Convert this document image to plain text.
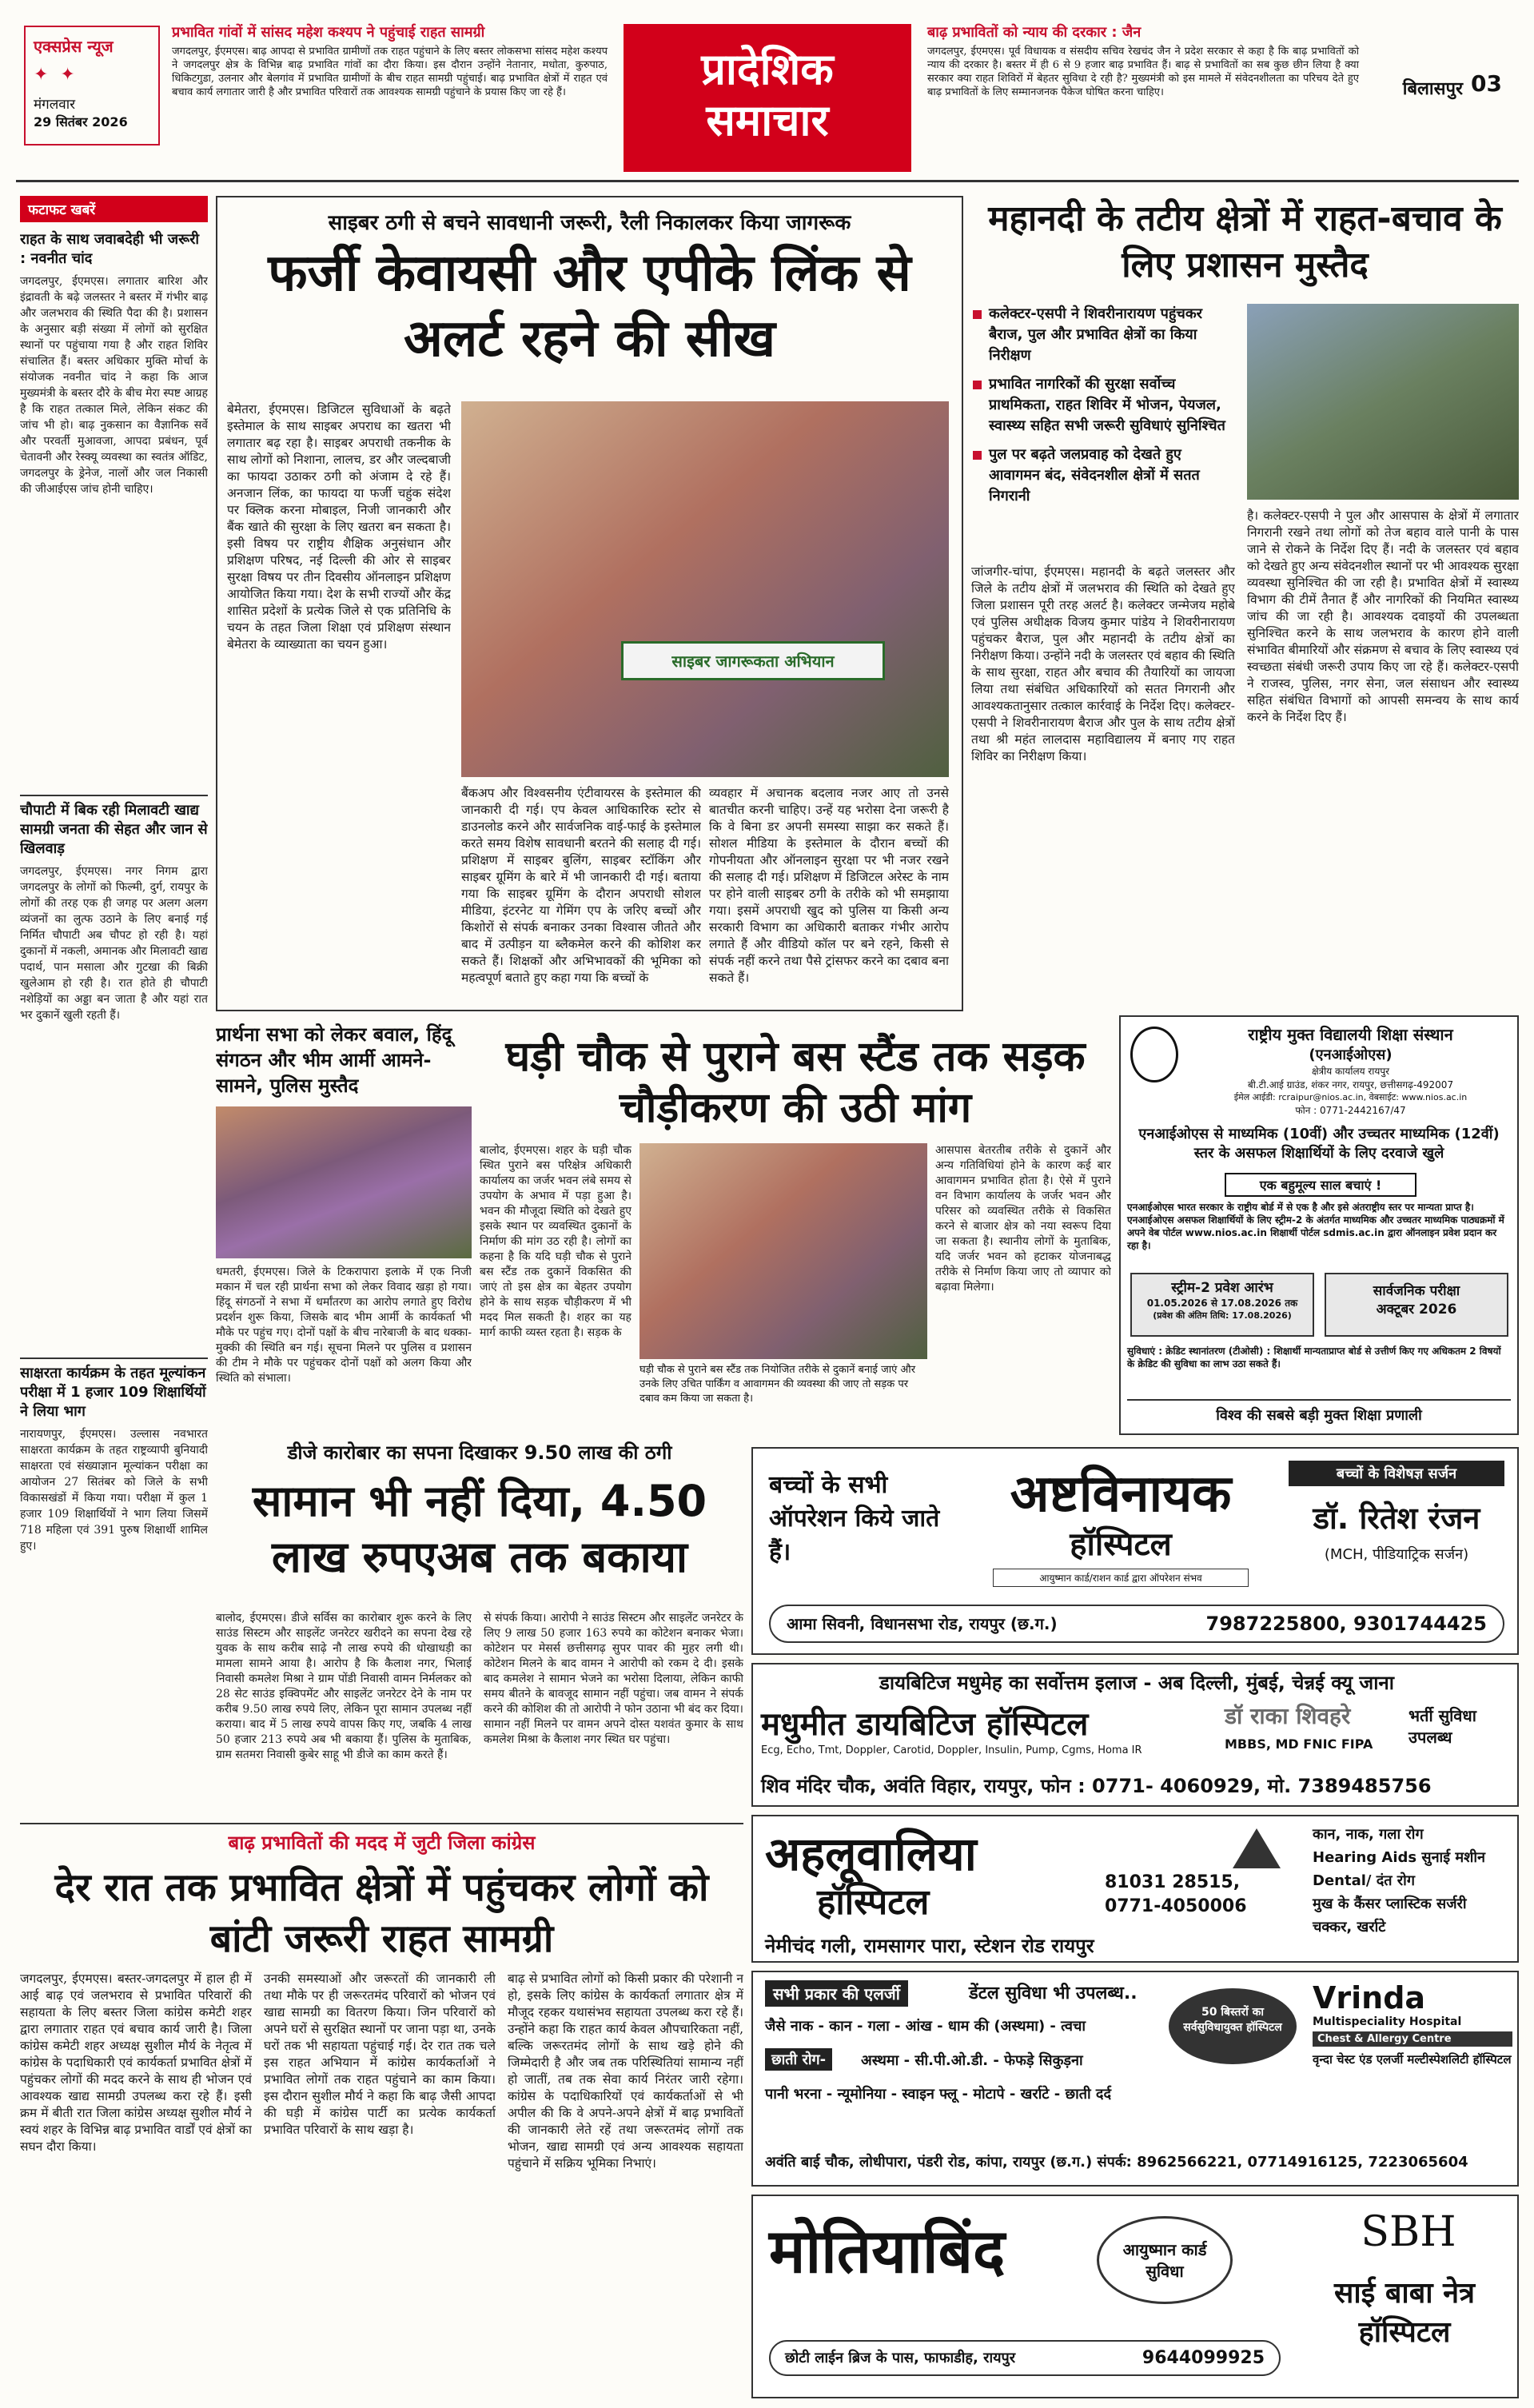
एक्सप्रेस न्यूज
✦ ✦
मंगलवार
29 सितंबर 2026
प्रभावित गांवों में सांसद महेश कश्यप ने पहुंचाई राहत सामग्री
जगदलपुर, ईएमएस। बाढ़ आपदा से प्रभावित ग्रामीणों तक राहत पहुंचाने के लिए बस्तर लोकसभा सांसद महेश कश्यप ने जगदलपुर क्षेत्र के विभिन्न बाढ़ प्रभावित गांवों का दौरा किया। इस दौरान उन्होंने नेतानार, मधोता, कुरुपाठ, धिकिटगुडा, उलनार और बेलगांव में प्रभावित ग्रामीणों के बीच राहत सामग्री पहुंचाई। बाढ़ प्रभावित क्षेत्रों में राहत एवं बचाव कार्य लगातार जारी है और प्रभावित परिवारों तक आवश्यक सामग्री पहुंचाने के प्रयास किए जा रहे हैं।	प्रादेशिक
समाचार
बाढ़ प्रभावितों को न्याय की दरकार : जैन
जगदलपुर, ईएमएस। पूर्व विधायक व संसदीय सचिव रेखचंद जैन ने प्रदेश सरकार से कहा है कि बाढ़ प्रभावितों को न्याय की दरकार है। बस्तर में ही 6 से 9 हजार बाढ़ प्रभावित हैं। बाढ़ से प्रभावितों का सब कुछ छीन लिया है क्या सरकार क्या राहत शिविरों में बेहतर सुविधा दे रही है? मुख्यमंत्री को इस मामले में संवेदनशीलता का परिचय देते हुए बाढ़ प्रभावितों के लिए सम्मानजनक पैकेज घोषित करना चाहिए।	बिलासपुर 03
फटाफट खबरें
राहत के साथ जवाबदेही भी जरूरी : नवनीत चांद
जगदलपुर, ईएमएस। लगातार बारिश और इंद्रावती के बढ़े जलस्तर ने बस्तर में गंभीर बाढ़ और जलभराव की स्थिति पैदा की है। प्रशासन के अनुसार बड़ी संख्या में लोगों को सुरक्षित स्थानों पर पहुंचाया गया है और राहत शिविर संचालित हैं। बस्तर अधिकार मुक्ति मोर्चा के संयोजक नवनीत चांद ने कहा कि आज मुख्यमंत्री के बस्तर दौरे के बीच मेरा स्पष्ट आग्रह है कि राहत तत्काल मिले, लेकिन संकट की जांच भी हो। बाढ़ नुकसान का वैज्ञानिक सर्वे और परवर्ती मुआवजा, आपदा प्रबंधन, पूर्व चेतावनी और रेस्क्यू व्यवस्था का स्वतंत्र ऑडिट, जगदलपुर के ड्रेनेज, नालों और जल निकासी की जीआईएस जांच होनी चाहिए।
चौपाटी में बिक रही मिलावटी खाद्य सामग्री जनता की सेहत और जान से खिलवाड़
जगदलपुर, ईएमएस। नगर निगम द्वारा जगदलपुर के लोगों को फिल्मी, दुर्ग, रायपुर के लोगों की तरह एक ही जगह पर अलग अलग व्यंजनों का लुत्फ उठाने के लिए बनाई गई निर्मित चौपाटी अब चौपट हो रही है। यहां दुकानों में नकली, अमानक और मिलावटी खाद्य पदार्थ, पान मसाला और गुटखा की बिक्री खुलेआम हो रही है। रात होते ही चौपाटी नशेड़ियों का अड्डा बन जाता है और यहां रात भर दुकानें खुली रहती हैं।
साक्षरता कार्यक्रम के तहत मूल्यांकन परीक्षा में 1 हजार 109 शिक्षार्थियों ने लिया भाग
नारायणपुर, ईएमएस। उल्लास नवभारत साक्षरता कार्यक्रम के तहत राष्ट्रव्यापी बुनियादी साक्षरता एवं संख्याज्ञान मूल्यांकन परीक्षा का आयोजन 27 सितंबर को जिले के सभी विकासखंडों में किया गया। परीक्षा में कुल 1 हजार 109 शिक्षार्थियों ने भाग लिया जिसमें 718 महिला एवं 391 पुरुष शिक्षार्थी शामिल हुए।
साइबर ठगी से बचने सावधानी जरूरी, रैली निकालकर किया जागरूक
फर्जी केवायसी और एपीके लिंक से अलर्ट रहने की सीख
बेमेतरा, ईएमएस। डिजिटल सुविधाओं के बढ़ते इस्तेमाल के साथ साइबर अपराध का खतरा भी लगातार बढ़ रहा है। साइबर अपराधी तकनीक के साथ लोगों को निशाना, लालच, डर और जल्दबाजी का फायदा उठाकर ठगी को अंजाम दे रहे हैं। अनजान लिंक, का फायदा या फर्जी चहुंक संदेश पर क्लिक करना मोबाइल, निजी जानकारी और बैंक खाते की सुरक्षा के लिए खतरा बन सकता है। इसी विषय पर राष्ट्रीय शैक्षिक अनुसंधान और प्रशिक्षण परिषद, नई दिल्ली की ओर से साइबर सुरक्षा विषय पर तीन दिवसीय ऑनलाइन प्रशिक्षण आयोजित किया गया। देश के सभी राज्यों और केंद्र शासित प्रदेशों के प्रत्येक जिले से एक प्रतिनिधि के चयन के तहत जिला शिक्षा एवं प्रशिक्षण संस्थान बेमेतरा के व्याख्याता का चयन हुआ।
साइबर जागरूकता अभियान
बैंकअप और विश्वसनीय एंटीवायरस के इस्तेमाल की जानकारी दी गई। एप केवल आधिकारिक स्टोर से डाउनलोड करने और सार्वजनिक वाई-फाई के इस्तेमाल करते समय विशेष सावधानी बरतने की सलाह दी गई। प्रशिक्षण में साइबर बुलिंग, साइबर स्टॉकिंग और साइबर ग्रूमिंग के बारे में भी जानकारी दी गई। बताया गया कि साइबर ग्रूमिंग के दौरान अपराधी सोशल मीडिया, इंटरनेट या गेमिंग एप के जरिए बच्चों और किशोरों से संपर्क बनाकर उनका विश्वास जीतते और बाद में उत्पीड़न या ब्लैकमेल करने की कोशिश कर सकते हैं। शिक्षकों और अभिभावकों की भूमिका को महत्वपूर्ण बताते हुए कहा गया कि बच्चों के
व्यवहार में अचानक बदलाव नजर आए तो उनसे बातचीत करनी चाहिए। उन्हें यह भरोसा देना जरूरी है कि वे बिना डर अपनी समस्या साझा कर सकते हैं। सोशल मीडिया के इस्तेमाल के दौरान बच्चों की गोपनीयता और ऑनलाइन सुरक्षा पर भी नजर रखने की सलाह दी गई। प्रशिक्षण में डिजिटल अरेस्ट के नाम पर होने वाली साइबर ठगी के तरीके को भी समझाया गया। इसमें अपराधी खुद को पुलिस या किसी अन्य सरकारी विभाग का अधिकारी बताकर गंभीर आरोप लगाते हैं और वीडियो कॉल पर बने रहने, किसी से संपर्क नहीं करने तथा पैसे ट्रांसफर करने का दबाव बना सकते हैं।
महानदी के तटीय क्षेत्रों में राहत-बचाव के लिए प्रशासन मुस्तैद
कलेक्टर-एसपी ने शिवरीनारायण पहुंचकर बैराज, पुल और प्रभावित क्षेत्रों का किया निरीक्षण
प्रभावित नागरिकों की सुरक्षा सर्वोच्च प्राथमिकता, राहत शिविर में भोजन, पेयजल, स्वास्थ्य सहित सभी जरूरी सुविधाएं सुनिश्चित
पुल पर बढ़ते जलप्रवाह को देखते हुए आवागमन बंद, संवेदनशील क्षेत्रों में सतत निगरानी
जांजगीर-चांपा, ईएमएस। महानदी के बढ़ते जलस्तर और जिले के तटीय क्षेत्रों में जलभराव की स्थिति को देखते हुए जिला प्रशासन पूरी तरह अलर्ट है। कलेक्टर जन्मेजय महोबे एवं पुलिस अधीक्षक विजय कुमार पांडेय ने शिवरीनारायण पहुंचकर बैराज, पुल और महानदी के तटीय क्षेत्रों का निरीक्षण किया। उन्होंने नदी के जलस्तर एवं बहाव की स्थिति के साथ सुरक्षा, राहत और बचाव की तैयारियों का जायजा लिया तथा संबंधित अधिकारियों को सतत निगरानी और आवश्यकतानुसार तत्काल कार्रवाई के निर्देश दिए। कलेक्टर-एसपी ने शिवरीनारायण बैराज और पुल के साथ तटीय क्षेत्रों तथा श्री महंत लालदास महाविद्यालय में बनाए गए राहत शिविर का निरीक्षण किया।
है। कलेक्टर-एसपी ने पुल और आसपास के क्षेत्रों में लगातार निगरानी रखने तथा लोगों को तेज बहाव वाले पानी के पास जाने से रोकने के निर्देश दिए हैं। नदी के जलस्तर एवं बहाव को देखते हुए अन्य संवेदनशील स्थानों पर भी आवश्यक सुरक्षा व्यवस्था सुनिश्चित की जा रही है। प्रभावित क्षेत्रों में स्वास्थ्य विभाग की टीमें तैनात हैं और नागरिकों की नियमित स्वास्थ्य जांच की जा रही है। आवश्यक दवाइयों की उपलब्धता सुनिश्चित करने के साथ जलभराव के कारण होने वाली संभावित बीमारियों और संक्रमण से बचाव के लिए स्वास्थ्य एवं स्वच्छता संबंधी जरूरी उपाय किए जा रहे हैं। कलेक्टर-एसपी ने राजस्व, पुलिस, नगर सेना, जल संसाधन और स्वास्थ्य सहित संबंधित विभागों को आपसी समन्वय के साथ कार्य करने के निर्देश दिए हैं।
प्रार्थना सभा को लेकर बवाल, हिंदू संगठन और भीम आर्मी आमने-सामने, पुलिस मुस्तैद
धमतरी, ईएमएस। जिले के टिकरापारा इलाके में एक निजी मकान में चल रही प्रार्थना सभा को लेकर विवाद खड़ा हो गया। हिंदू संगठनों ने सभा में धर्मांतरण का आरोप लगाते हुए विरोध प्रदर्शन शुरू किया, जिसके बाद भीम आर्मी के कार्यकर्ता भी मौके पर पहुंच गए। दोनों पक्षों के बीच नारेबाजी के बाद धक्का-मुक्की की स्थिति बन गई। सूचना मिलने पर पुलिस व प्रशासन की टीम ने मौके पर पहुंचकर दोनों पक्षों को अलग किया और स्थिति को संभाला।
घड़ी चौक से पुराने बस स्टैंड तक सड़क चौड़ीकरण की उठी मांग
बालोद, ईएमएस। शहर के घड़ी चौक स्थित पुराने बस परिक्षेत्र अधिकारी कार्यालय का जर्जर भवन लंबे समय से उपयोग के अभाव में पड़ा हुआ है। भवन की मौजूदा स्थिति को देखते हुए इसके स्थान पर व्यवस्थित दुकानों के निर्माण की मांग उठ रही है। लोगों का कहना है कि यदि घड़ी चौक से पुराने बस स्टैंड तक दुकानें विकसित की जाएं तो इस क्षेत्र का बेहतर उपयोग होने के साथ सड़क चौड़ीकरण में भी मदद मिल सकती है। शहर का यह मार्ग काफी व्यस्त रहता है। सड़क के
घड़ी चौक से पुराने बस स्टैंड तक नियोजित तरीके से दुकानें बनाई जाएं और उनके लिए उचित पार्किंग व आवागमन की व्यवस्था की जाए तो सड़क पर दबाव कम किया जा सकता है।
आसपास बेतरतीब तरीके से दुकानें और अन्य गतिविधियां होने के कारण कई बार आवागमन प्रभावित होता है। ऐसे में पुराने वन विभाग कार्यालय के जर्जर भवन और परिसर को व्यवस्थित तरीके से विकसित करने से बाजार क्षेत्र को नया स्वरूप दिया जा सकता है। स्थानीय लोगों के मुताबिक, यदि जर्जर भवन को हटाकर योजनाबद्ध तरीके से निर्माण किया जाए तो व्यापार को बढ़ावा मिलेगा।
राष्ट्रीय मुक्त विद्यालयी शिक्षा संस्थान
(एनआईओएस)
क्षेत्रीय कार्यालय रायपुर
बी.टी.आई ग्राउंड, शंकर नगर, रायपुर, छत्तीसगढ़-492007
ईमेल आईडी: rcraipur@nios.ac.in, वेबसाईट: www.nios.ac.in
फोन : 0771-2442167/47
एनआईओएस से माध्यमिक (10वीं) और उच्चतर माध्यमिक (12वीं) स्तर के असफल शिक्षार्थियों के लिए दरवाजे खुले
एक बहुमूल्य साल बचाएं !
एनआईओएस भारत सरकार के राष्ट्रीय बोर्ड में से एक है और इसे अंतराष्ट्रीय स्तर पर मान्यता प्राप्त है। एनआईओएस असफल शिक्षार्थियों के लिए स्ट्रीम-2 के अंतर्गत माध्यमिक और उच्चतर माध्यमिक पाठ्यक्रमों में अपने वेब पोर्टल www.nios.ac.in शिक्षार्थी पोर्टल sdmis.ac.in द्वारा ऑनलाइन प्रवेश प्रदान कर रहा है।
स्ट्रीम-2 प्रवेश आरंभ
01.05.2026 से 17.08.2026 तक
(प्रवेश की अंतिम तिथि: 17.08.2026)
सार्वजनिक परीक्षा
अक्टूबर 2026
सुविधाएं : क्रेडिट स्थानांतरण (टीओसी) : शिक्षार्थी मान्यताप्राप्त बोर्ड से उत्तीर्ण किए गए अधिकतम 2 विषयों के क्रेडिट की सुविधा का लाभ उठा सकते हैं।
विश्व की सबसे बड़ी मुक्त शिक्षा प्रणाली
डीजे कारोबार का सपना दिखाकर 9.50 लाख की ठगी
सामान भी नहीं दिया, 4.50 लाख रुपएअब तक बकाया
बालोद, ईएमएस। डीजे सर्विस का कारोबार शुरू करने के लिए साउंड सिस्टम और साइलेंट जनरेटर खरीदने का सपना देख रहे युवक के साथ करीब साढ़े नौ लाख रुपये की धोखाधड़ी का मामला सामने आया है। आरोप है कि कैलाश नगर, भिलाई निवासी कमलेश मिश्रा ने ग्राम पोंडी निवासी वामन निर्मलकर को 28 सेट साउंड इक्विपमेंट और साइलेंट जनरेटर देने के नाम पर करीब 9.50 लाख रुपये लिए, लेकिन पूरा सामान उपलब्ध नहीं कराया। बाद में 5 लाख रुपये वापस किए गए, जबकि 4 लाख 50 हजार 213 रुपये अब भी बकाया हैं। पुलिस के मुताबिक, ग्राम सतमरा निवासी कुबेर साहू भी डीजे का काम करते हैं।
से संपर्क किया। आरोपी ने साउंड सिस्टम और साइलेंट जनरेटर के लिए 9 लाख 50 हजार 163 रुपये का कोटेशन बनाकर भेजा। कोटेशन पर मेसर्स छत्तीसगढ़ सुपर पावर की मुहर लगी थी। कोटेशन मिलने के बाद वामन ने आरोपी को रकम दे दी। इसके बाद कमलेश ने सामान भेजने का भरोसा दिलाया, लेकिन काफी समय बीतने के बावजूद सामान नहीं पहुंचा। जब वामन ने संपर्क करने की कोशिश की तो आरोपी ने फोन उठाना भी बंद कर दिया। सामान नहीं मिलने पर वामन अपने दोस्त यशवंत कुमार के साथ कमलेश मिश्रा के कैलाश नगर स्थित घर पहुंचा।
बाढ़ प्रभावितों की मदद में जुटी जिला कांग्रेस
देर रात तक प्रभावित क्षेत्रों में पहुंचकर लोगों को बांटी जरूरी राहत सामग्री
जगदलपुर, ईएमएस। बस्तर-जगदलपुर में हाल ही में आई बाढ़ एवं जलभराव से प्रभावित परिवारों की सहायता के लिए बस्तर जिला कांग्रेस कमेटी शहर द्वारा लगातार राहत एवं बचाव कार्य जारी है। जिला कांग्रेस कमेटी शहर अध्यक्ष सुशील मौर्य के नेतृत्व में कांग्रेस के पदाधिकारी एवं कार्यकर्ता प्रभावित क्षेत्रों में पहुंचकर लोगों की मदद करने के साथ ही भोजन एवं आवश्यक खाद्य सामग्री उपलब्ध करा रहे हैं। इसी क्रम में बीती रात जिला कांग्रेस अध्यक्ष सुशील मौर्य ने स्वयं शहर के विभिन्न बाढ़ प्रभावित वार्डों एवं क्षेत्रों का सघन दौरा किया।
उनकी समस्याओं और जरूरतों की जानकारी ली तथा मौके पर ही जरूरतमंद परिवारों को भोजन एवं खाद्य सामग्री का वितरण किया। जिन परिवारों को अपने घरों से सुरक्षित स्थानों पर जाना पड़ा था, उनके घरों तक भी सहायता पहुंचाई गई। देर रात तक चले इस राहत अभियान में कांग्रेस कार्यकर्ताओं ने प्रभावित लोगों तक राहत पहुंचाने का काम किया। इस दौरान सुशील मौर्य ने कहा कि बाढ़ जैसी आपदा की घड़ी में कांग्रेस पार्टी का प्रत्येक कार्यकर्ता प्रभावित परिवारों के साथ खड़ा है।
बाढ़ से प्रभावित लोगों को किसी प्रकार की परेशानी न हो, इसके लिए कांग्रेस के कार्यकर्ता लगातार क्षेत्र में मौजूद रहकर यथासंभव सहायता उपलब्ध करा रहे हैं। उन्होंने कहा कि राहत कार्य केवल औपचारिकता नहीं, बल्कि जरूरतमंद लोगों के साथ खड़े होने की जिम्मेदारी है और जब तक परिस्थितियां सामान्य नहीं हो जातीं, तब तक सेवा कार्य निरंतर जारी रहेगा। कांग्रेस के पदाधिकारियों एवं कार्यकर्ताओं से भी अपील की कि वे अपने-अपने क्षेत्रों में बाढ़ प्रभावितों की जानकारी लेते रहें तथा जरूरतमंद लोगों तक भोजन, खाद्य सामग्री एवं अन्य आवश्यक सहायता पहुंचाने में सक्रिय भूमिका निभाएं।
बच्चों के सभी ऑपरेशन किये जाते हैं।
अष्टविनायक
हॉस्पिटल
आयुष्मान कार्ड/राशन कार्ड द्वारा ऑपरेशन संभव
बच्चों के विशेषज्ञ सर्जन
डॉ. रितेश रंजन
(MCH, पीडियाट्रिक सर्जन)
आमा सिवनी, विधानसभा रोड, रायपुर (छ.ग.)	7987225800, 9301744425
डायबिटिज मधुमेह का सर्वोत्तम इलाज - अब दिल्ली, मुंबई, चेन्नई क्यू जाना
मधुमीत डायबिटिज हॉस्पिटल
Ecg, Echo, Tmt, Doppler, Carotid, Doppler, Insulin, Pump, Cgms, Homa IR
डॉ राका शिवहरे
MBBS, MD FNIC FIPA
भर्ती सुविधा उपलब्ध
शिव मंदिर चौक, अवंति विहार, रायपुर, फोन : 0771- 4060929, मो. 7389485756
अहलूवालिया
हॉस्पिटल	81031 28515,
0771-4050006
कान, नाक, गला रोग
Hearing Aids सुनाई मशीन
Dental/ दंत रोग
मुख के कैंसर प्लास्टिक सर्जरी
चक्कर, खर्राटे
नेमीचंद गली, रामसागर पारा, स्टेशन रोड रायपुर
सभी प्रकार की एलर्जी	डेंटल सुविधा भी उपलब्ध..
जैसे नाक - कान - गला - आंख - धाम की (अस्थमा) - त्वचा
छाती रोग-	अस्थमा - सी.पी.ओ.डी. - फेफड़े सिकुड़ना
पानी भरना - न्यूमोनिया - स्वाइन फ्लू - मोटापे - खर्राटे - छाती दर्द
50 बिस्तरों का सर्वसुविधायुक्त हॉस्पिटल
Vrinda
Multispeciality Hospital
Chest & Allergy Centre
वृन्दा चेस्ट एंड एलर्जी मल्टीस्पेशलिटी हॉस्पिटल
अवंति बाई चौक, लोधीपारा, पंडरी रोड, कांपा, रायपुर (छ.ग.) संपर्क: 8962566221, 07714916125, 7223065604
मोतियाबिंद	आयुष्मान कार्ड सुविधा
SBH
साई बाबा नेत्र हॉस्पिटल
छोटी लाईन ब्रिज के पास, फाफाडीह, रायपुर	9644099925
